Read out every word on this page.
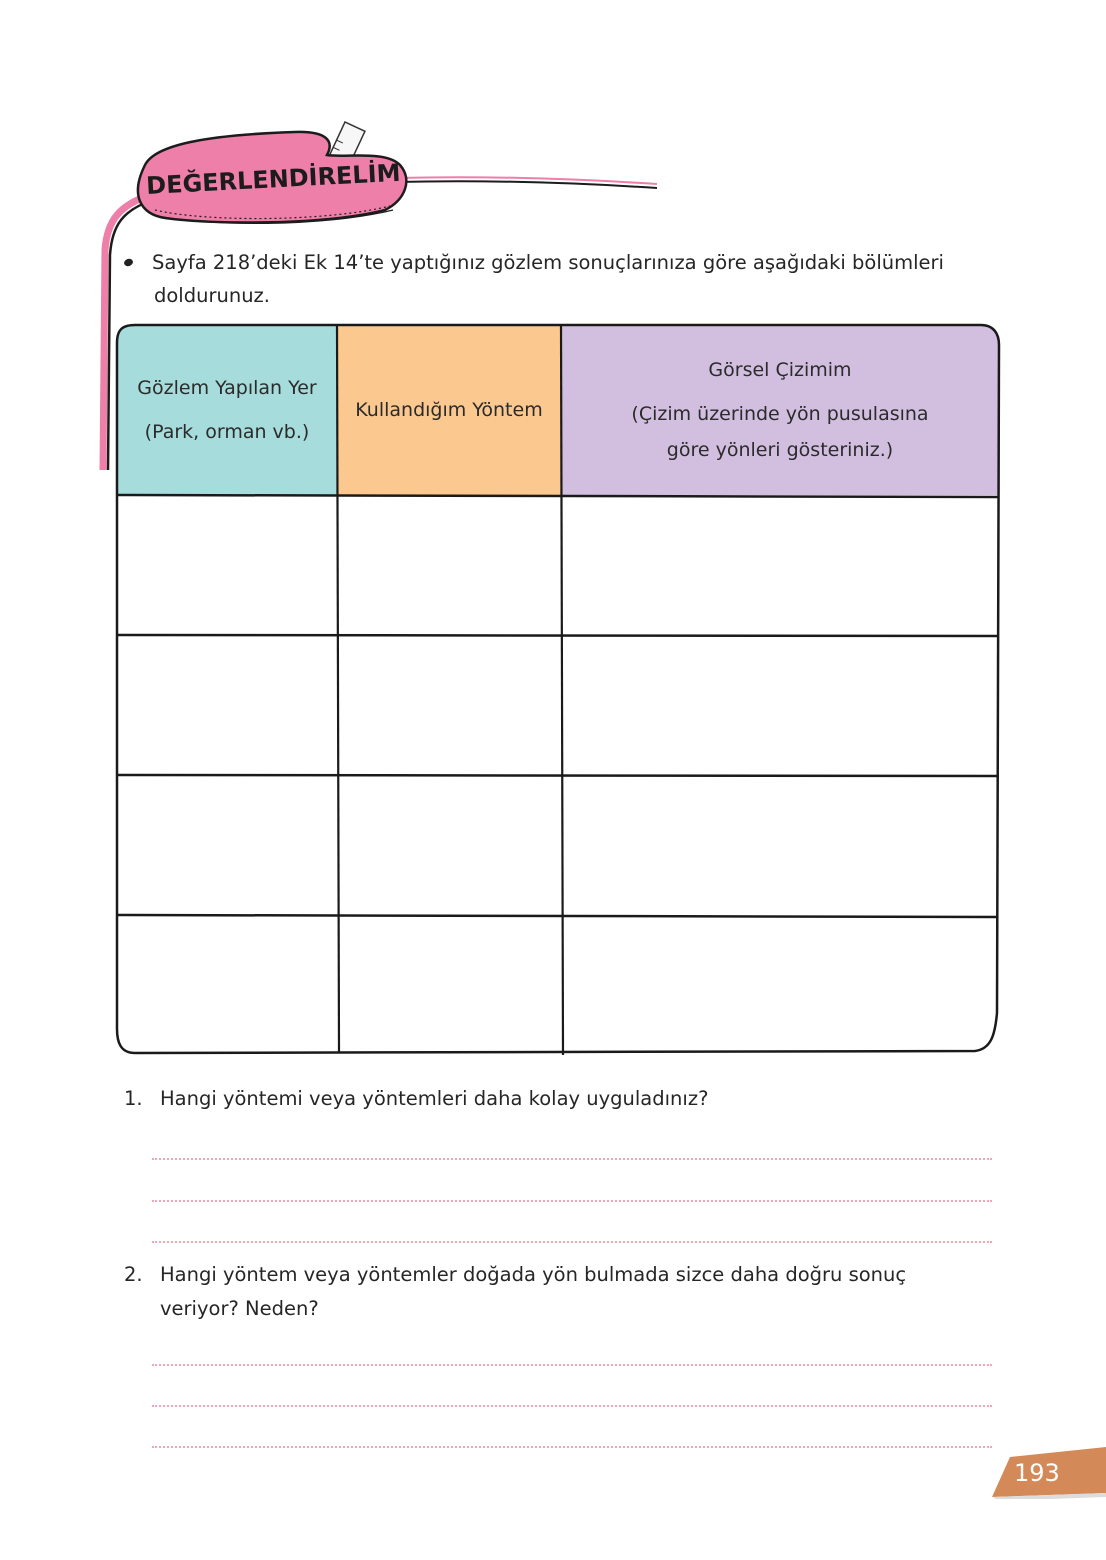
DEĞERLENDİRELİM
Sayfa 218’deki Ek 14’te yaptığınız gözlem sonuçlarınıza göre aşağıdaki bölümleri
doldurunuz.
Gözlem Yapılan Yer
(Park, orman vb.)
Kullandığım Yöntem
Görsel Çizimim
(Çizim üzerinde yön pusulasına
göre yönleri gösteriniz.)
1. Hangi yöntemi veya yöntemleri daha kolay uyguladınız?
2. Hangi yöntem veya yöntemler doğada yön bulmada sizce daha doğru sonuç
veriyor? Neden?
193
